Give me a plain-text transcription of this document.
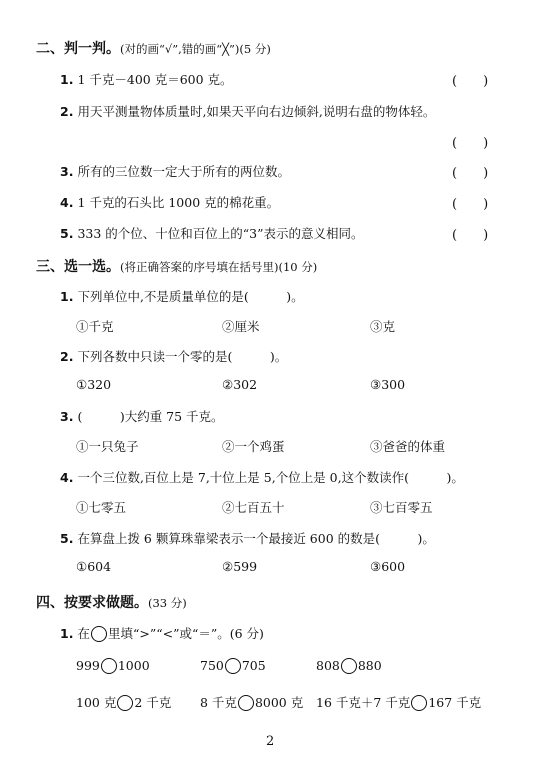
二、判一判。(对的画“√”,错的画“╳”)(5 分)
1. 1 千克－400 克＝600 克。	(　　)
2. 用天平测量物体质量时,如果天平向右边倾斜,说明右盘的物体轻。
(　　)
3. 所有的三位数一定大于所有的两位数。	(　　)
4. 1 千克的石头比 1000 克的棉花重。	(　　)
5. 333 的个位、十位和百位上的“3”表示的意义相同。	(　　)
三、选一选。(将正确答案的序号填在括号里)(10 分)
1. 下列单位中,不是质量单位的是(　　　)。
①千克	②厘米	③克
2. 下列各数中只读一个零的是(　　　)。
①320	②302	③300
3. (　　　)大约重 75 千克。
①一只兔子	②一个鸡蛋	③爸爸的体重
4. 一个三位数,百位上是 7,十位上是 5,个位上是 0,这个数读作(　　　)。
①七零五	②七百五十	③七百零五
5. 在算盘上拨 6 颗算珠靠梁表示一个最接近 600 的数是(　　　)。
①604	②599	③600
四、按要求做题。(33 分)
1. 在 里填“>”“<”或“＝”。(6 分)
999 1000	750 705	808 880
100 克 2 千克 8 千克 8000 克 16 千克＋7 千克 167 千克
2
